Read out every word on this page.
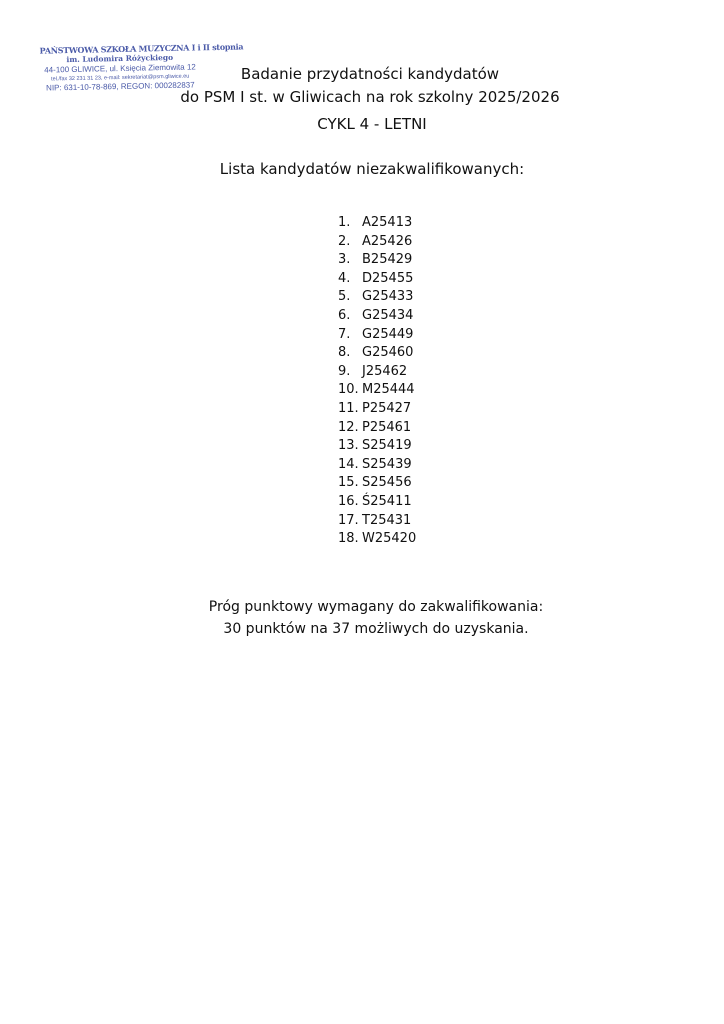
PAŃSTWOWA SZKOŁA MUZYCZNA I i II stopnia
im. Ludomira Różyckiego
44-100 GLIWICE, ul. Księcia Ziemowita 12
tel./fax 32 231 31 23, e-mail: sekretariat@psm.gliwice.eu
NIP: 631-10-78-869, REGON: 000282837
Badanie przydatności kandydatów
do PSM I st. w Gliwicach na rok szkolny 2025/2026
CYKL 4 - LETNI
Lista kandydatów niezakwalifikowanych:
1. A25413
2. A25426
3. B25429
4. D25455
5. G25433
6. G25434
7. G25449
8. G25460
9. J25462
10. M25444
11. P25427
12. P25461
13. S25419
14. S25439
15. S25456
16. Ś25411
17. T25431
18. W25420
Próg punktowy wymagany do zakwalifikowania:
30 punktów na 37 możliwych do uzyskania.
